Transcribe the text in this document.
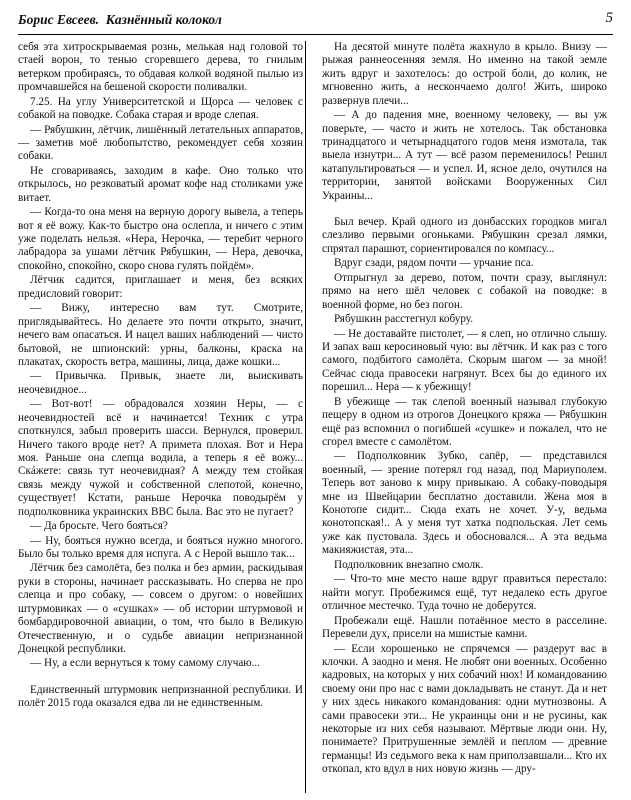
Борис Евсеев. Казнённый колокол	5

себя эта хитроскрываемая рознь, мелькая над головой то стаей ворон, то тенью сгоревшего дерева, то гнилым ветерком пробираясь, то обдавая колкой водяной пылью из промчавшейся на бешеной скорости поливалки.

7.25. На углу Университетской и Щорса — человек с собакой на поводке. Собака старая и вроде слепая.

— Рябушкин, лётчик, лишённый летательных аппаратов, — заметив моё любопытство, рекомендует себя хозяин собаки.

Не сговариваясь, заходим в кафе. Оно только что открылось, но резковатый аромат кофе над столиками уже витает.

— Когда-то она меня на верную дорогу вывела, а теперь вот я её вожу. Как-то быстро она ослепла, и ничего с этим уже поделать нельзя. «Нера, Нерочка, — теребит черного лабрадора за ушами лётчик Рябушкин, — Нера, девочка, спокойно, спокойно, скоро снова гулять пойдём».

Лётчик садится, приглашает и меня, без всяких предисловий говорит:

— Вижу, интересно вам тут. Смотрите, приглядывайтесь. Но делаете это почти открыто, значит, нечего вам опасаться. И нацел ваших наблюдений — чисто бытовой, не шпионский: урны, балконы, краска на плакатах, скорость ветра, машины, лица, даже кошки...

— Привычка. Привык, знаете ли, выискивать неочевидное...

— Вот-вот! — обрадовался хозяин Неры, — с неочевидностей всё и начинается! Техник с утра споткнулся, забыл проверить шасси. Вернулся, проверил. Ничего такого вроде нет? А примета плохая. Вот и Нера моя. Раньше она слепца водила, а теперь я её вожу... Скáжете: связь тут неочевидная? А между тем стойкая связь между чужой и собственной слепотой, конечно, существует! Кстати, раньше Нерочка поводырём у подполковника украинских ВВС была. Вас это не пугает?

— Да бросьте. Чего бояться?

— Ну, бояться нужно всегда, и бояться нужно многого. Было бы только время для испуга. А с Нерой вышло так...

Лётчик без самолёта, без полка и без армии, раскидывая руки в стороны, начинает рассказывать. Но сперва не про слепца и про собаку, — совсем о другом: о новейших штурмовиках — о «сушках» — об истории штурмовой и бомбардировочной авиации, о том, что было в Великую Отечественную, и о судьбе авиации непризнанной Донецкой республики.

— Ну, а если вернуться к тому самому случаю...

Единственный штурмовик непризнанной республики. И полёт 2015 года оказался едва ли не единственным.

На десятой минуте полёта жахнуло в крыло. Внизу — рыжая раннеосенняя земля. Но именно на такой земле жить вдруг и захотелось: до острой боли, до колик, не мгновенно жить, а нескончаемо долго! Жить, широко развернув плечи...

— А до падения мне, военному человеку, — вы уж поверьте, — часто и жить не хотелось. Так обстановка тринадцатого и четырнадцатого годов меня измотала, так выела изнутри... А тут — всё разом переменилось! Решил катапультироваться — и успел. И, ясное дело, очутился на территории, занятой войсками Вооруженных Сил Украины...

Был вечер. Край одного из донбасских городков мигал слезливо первыми огоньками. Рябушкин срезал лямки, спрятал парашют, сориентировался по компасу...

Вдруг сзади, рядом почти — урчание пса.

Отпрыгнул за дерево, потом, почти сразу, выглянул: прямо на него шёл человек с собакой на поводке: в военной форме, но без погон.

Рябушкин расстегнул кобуру.

— Не доставайте пистолет, — я слеп, но отлично слышу. И запах ваш керосиновый чую: вы лётчик. И как раз с того самого, подбитого самолёта. Скорым шагом — за мной! Сейчас сюда правосеки нагрянут. Всех бы до единого их порешил... Нера — к убежищу!

В убежище — так слепой военный называл глубокую пещеру в одном из отрогов Донецкого кряжа — Рябушкин ещё раз вспомнил о погибшей «сушке» и пожалел, что не сгорел вместе с самолётом.

— Подполковник Зубко, сапёр, — представился военный, — зрение потерял год назад, под Мариуполем. Теперь вот заново к миру привыкаю. А собаку-поводыря мне из Швейцарии бесплатно доставили. Жена моя в Конотопе сидит... Сюда ехать не хочет. У-у, ведьма конотопская!.. А у меня тут хатка подпольская. Лет семь уже как пустовала. Здесь и обосновался... А эта ведьма макияжистая, эта...

Подполковник внезапно смолк.

— Что-то мне место наше вдруг правиться перестало: найти могут. Пробежимся ещё, тут недалеко есть другое отличное местечко. Туда точно не доберутся.

Пробежали ещё. Нашли потаённое место в расселине. Перевели дух, присели на мшистые камни.

— Если хорошенько не спрячемся — раздерут вас в клочки. А заодно и меня. Не любят они военных. Особенно кадровых, на которых у них собачий нюх! И командованию своему они про нас с вами докладывать не станут. Да и нет у них здесь никакого командования: одни мутнозвоны. А сами правосеки эти... Не украинцы они и не русины, как некоторые из них себя называют. Мёртвые люди они. Ну, понимаете? Притрушенные землёй и пеплом — древние германцы! Из седьмого века к нам приползавшали... Кто их откопал, кто вдул в них новую жизнь — дру-
